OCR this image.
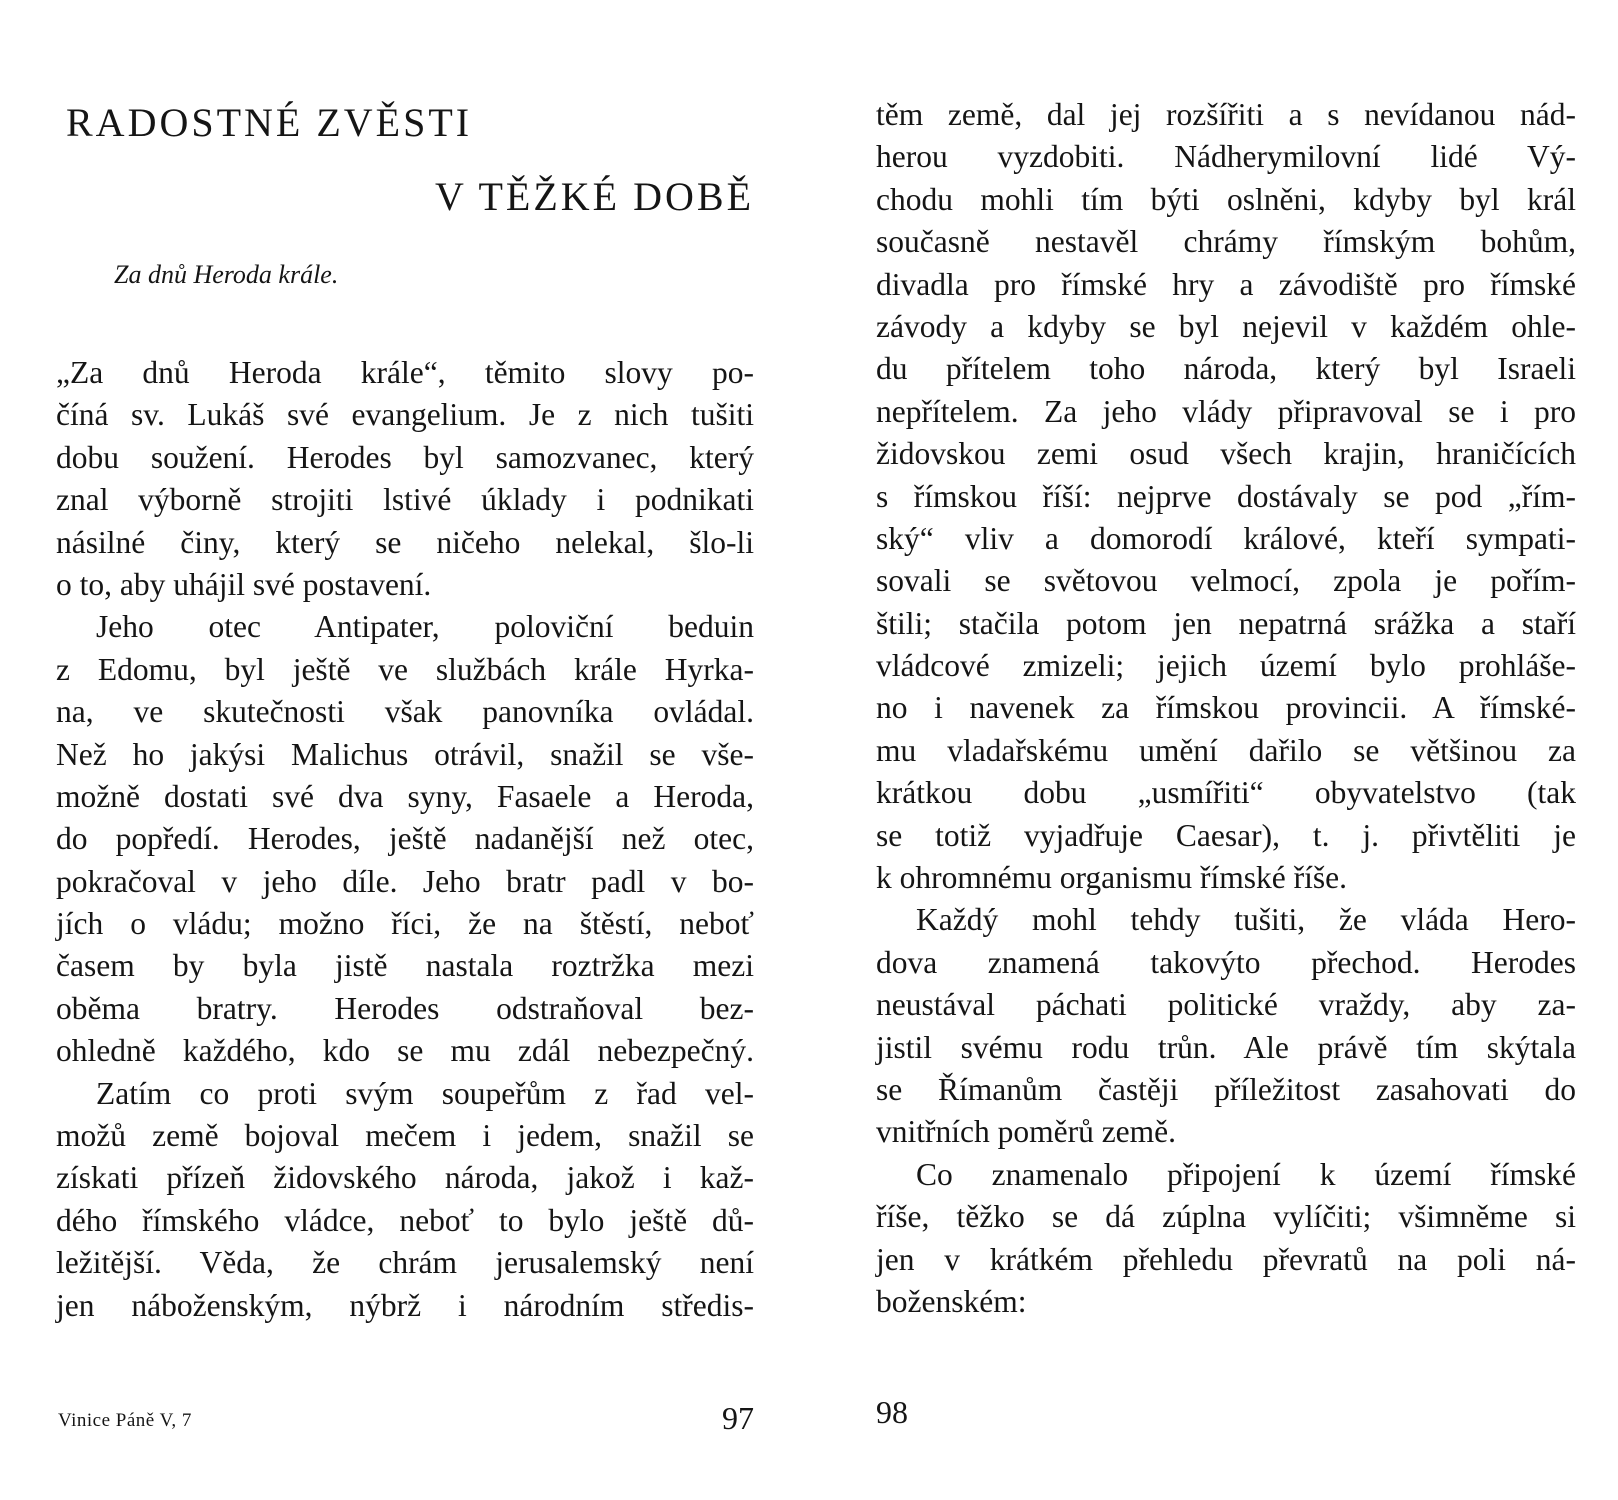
RADOSTNÉ ZVĚSTI
V TĚŽKÉ DOBĚ

Za dnů Heroda krále.

„Za dnů Heroda krále“, těmito slovy po-
číná sv. Lukáš své evangelium. Je z nich tušiti
dobu soužení. Herodes byl samozvanec, který
znal výborně strojiti lstivé úklady i podnikati
násilné činy, který se ničeho nelekal, šlo-li
o to, aby uhájil své postavení.
Jeho otec Antipater, poloviční beduin
z Edomu, byl ještě ve službách krále Hyrka-
na, ve skutečnosti však panovníka ovládal.
Než ho jakýsi Malichus otrávil, snažil se vše-
možně dostati své dva syny, Fasaele a Heroda,
do popředí. Herodes, ještě nadanější než otec,
pokračoval v jeho díle. Jeho bratr padl v bo-
jích o vládu; možno říci, že na štěstí, neboť
časem by byla jistě nastala roztržka mezi
oběma bratry. Herodes odstraňoval bez-
ohledně každého, kdo se mu zdál nebezpečný.
Zatím co proti svým soupeřům z řad vel-
možů země bojoval mečem i jedem, snažil se
získati přízeň židovského národa, jakož i kaž-
dého římského vládce, neboť to bylo ještě dů-
ležitější. Věda, že chrám jerusalemský není
jen náboženským, nýbrž i národním středis-
Vinice Páně V, 7	97
těm země, dal jej rozšířiti a s nevídanou nád-
herou vyzdobiti. Nádherymilovní lidé Vý-
chodu mohli tím býti oslněni, kdyby byl král
současně nestavěl chrámy římským bohům,
divadla pro římské hry a závodiště pro římské
závody a kdyby se byl nejevil v každém ohle-
du přítelem toho národa, který byl Israeli
nepřítelem. Za jeho vlády připravoval se i pro
židovskou zemi osud všech krajin, hraničících
s římskou říší: nejprve dostávaly se pod „řím-
ský“ vliv a domorodí králové, kteří sympati-
sovali se světovou velmocí, zpola je pořím-
štili; stačila potom jen nepatrná srážka a staří
vládcové zmizeli; jejich území bylo prohláše-
no i navenek za římskou provincii. A římské-
mu vladařskému umění dařilo se většinou za
krátkou dobu „usmířiti“ obyvatelstvo (tak
se totiž vyjadřuje Caesar), t. j. přivtěliti je
k ohromnému organismu římské říše.
Každý mohl tehdy tušiti, že vláda Hero-
dova znamená takovýto přechod. Herodes
neustával páchati politické vraždy, aby za-
jistil svému rodu trůn. Ale právě tím skýtala
se Římanům častěji příležitost zasahovati do
vnitřních poměrů země.
Co znamenalo připojení k území římské
říše, těžko se dá zúplna vylíčiti; všimněme si
jen v krátkém přehledu převratů na poli ná-
boženském:
98
